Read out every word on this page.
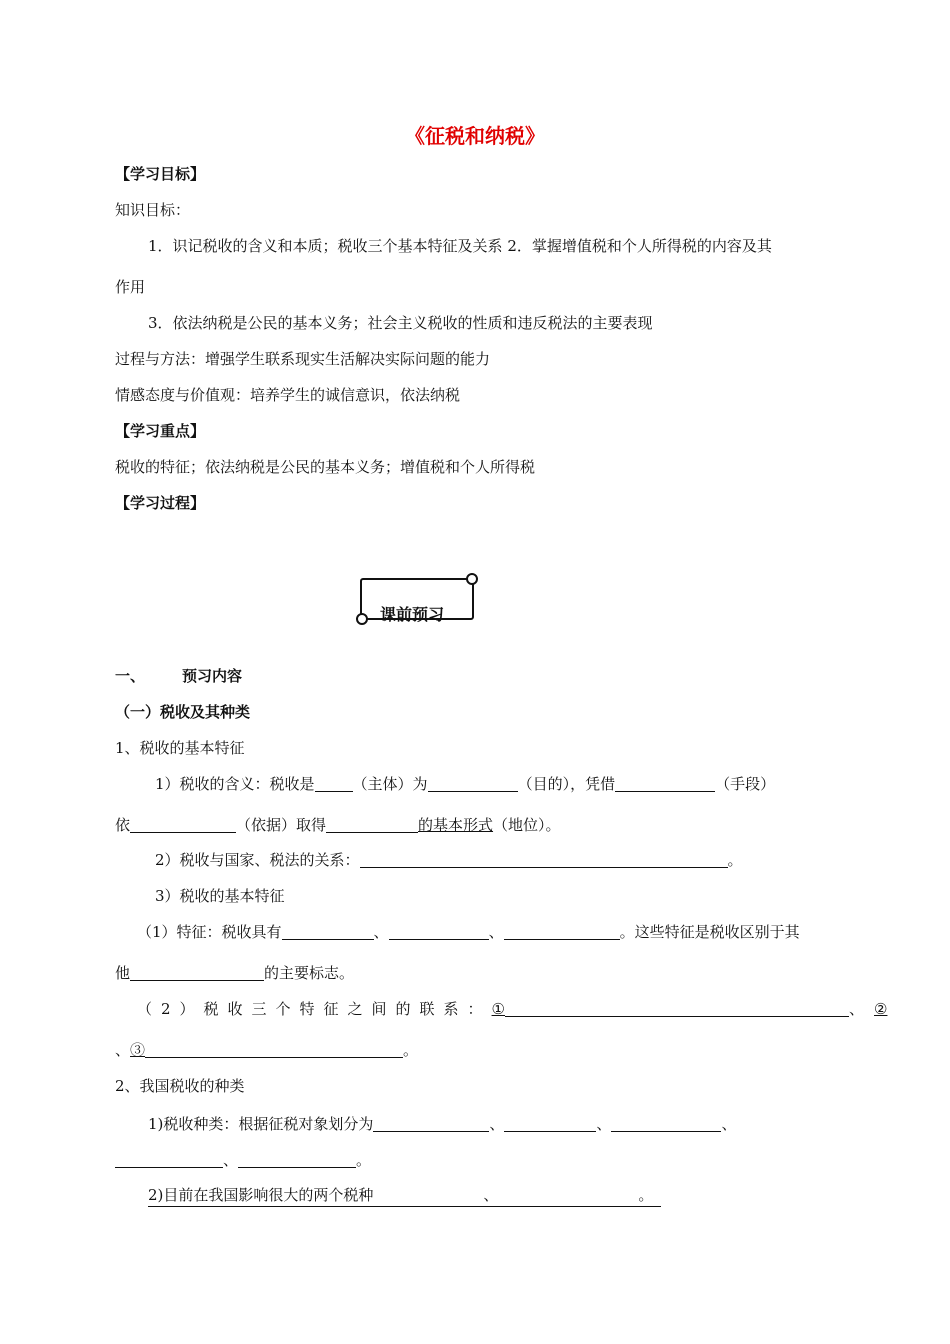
《征税和纳税》
【学习目标】
知识目标：
1．识记税收的含义和本质；税收三个基本特征及关系 2．掌握增值税和个人所得税的内容及其
作用
3．依法纳税是公民的基本义务；社会主义税收的性质和违反税法的主要表现
过程与方法：增强学生联系现实生活解决实际问题的能力
情感态度与价值观：培养学生的诚信意识，依法纳税
【学习重点】
税收的特征；依法纳税是公民的基本义务；增值税和个人所得税
【学习过程】
课前预习
一、	预习内容
（一）税收及其种类
1、税收的基本特征
1）税收的含义：税收是	（主体）为	（目的），凭借	（手段）
依	（依据）取得	的基本形式（地位）。
2）税收与国家、税法的关系：	。
3）税收的基本特征
（1）特征：税收具有	、	、	。这些特征是税收区别于其
他	的主要标志。
（2）税收三个特征之间的联系：①	、 ②
、③	。
2、我国税收的种类
1)税收种类：根据征税对象划分为	、	、	、
、	。
2)目前在我国影响很大的两个税种	、	。
